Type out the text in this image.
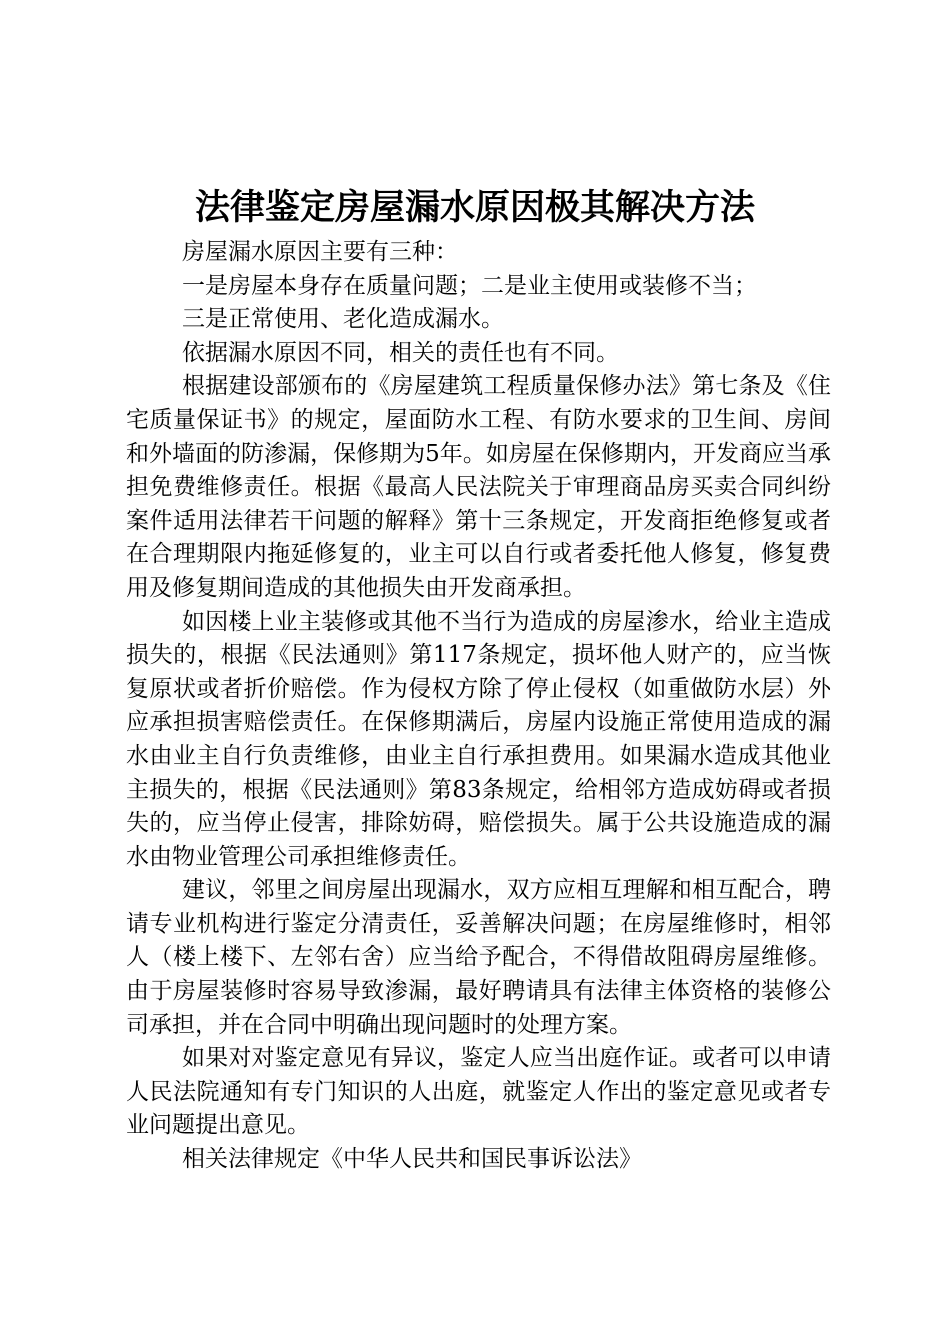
法律鉴定房屋漏水原因极其解决方法

房屋漏水原因主要有三种：

一是房屋本身存在质量问题；二是业主使用或装修不当；

三是正常使用、老化造成漏水。

依据漏水原因不同，相关的责任也有不同。

根据建设部颁布的《房屋建筑工程质量保修办法》第七条及《住宅质量保证书》的规定，屋面防水工程、有防水要求的卫生间、房间和外墙面的防渗漏，保修期为5年。如房屋在保修期内，开发商应当承担免费维修责任。根据《最高人民法院关于审理商品房买卖合同纠纷案件适用法律若干问题的解释》第十三条规定，开发商拒绝修复或者在合理期限内拖延修复的，业主可以自行或者委托他人修复，修复费用及修复期间造成的其他损失由开发商承担。

如因楼上业主装修或其他不当行为造成的房屋渗水，给业主造成损失的，根据《民法通则》第117条规定，损坏他人财产的，应当恢复原状或者折价赔偿。作为侵权方除了停止侵权（如重做防水层）外应承担损害赔偿责任。在保修期满后，房屋内设施正常使用造成的漏水由业主自行负责维修，由业主自行承担费用。如果漏水造成其他业主损失的，根据《民法通则》第83条规定，给相邻方造成妨碍或者损失的，应当停止侵害，排除妨碍，赔偿损失。属于公共设施造成的漏水由物业管理公司承担维修责任。

建议，邻里之间房屋出现漏水，双方应相互理解和相互配合，聘请专业机构进行鉴定分清责任，妥善解决问题；在房屋维修时，相邻人（楼上楼下、左邻右舍）应当给予配合，不得借故阻碍房屋维修。由于房屋装修时容易导致渗漏，最好聘请具有法律主体资格的装修公司承担，并在合同中明确出现问题时的处理方案。

如果对对鉴定意见有异议，鉴定人应当出庭作证。或者可以申请人民法院通知有专门知识的人出庭，就鉴定人作出的鉴定意见或者专业问题提出意见。

相关法律规定《中华人民共和国民事诉讼法》
